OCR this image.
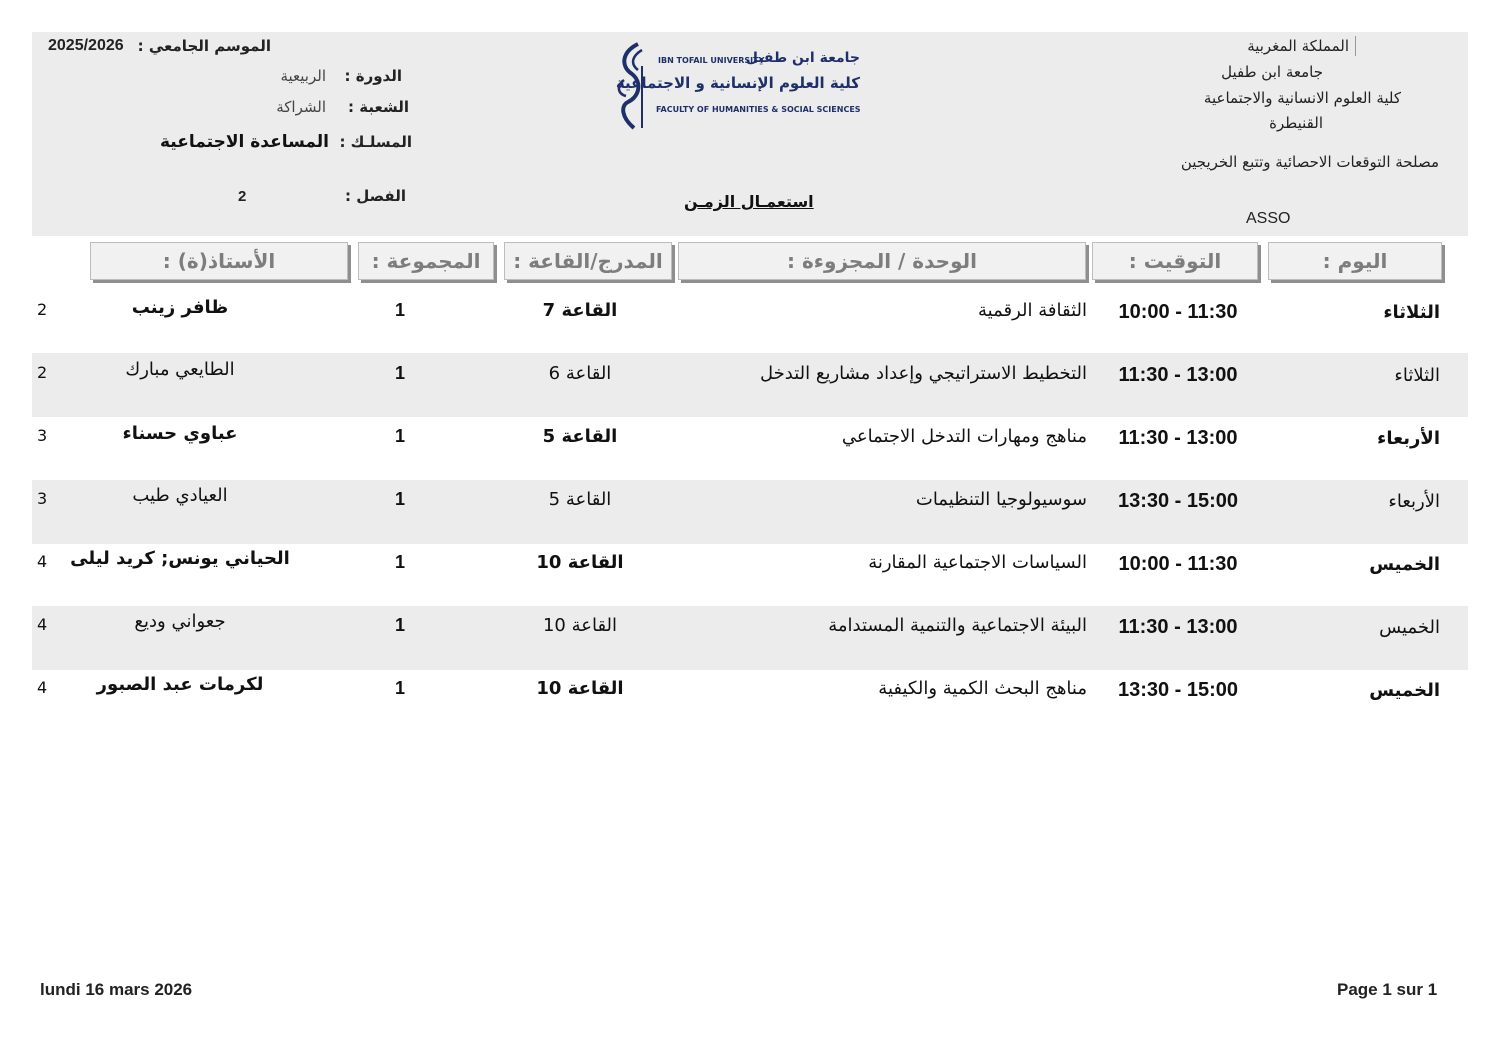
المملكة المغربية
جامعة ابن طفيل
كلية العلوم الانسانية والاجتماعية
القنيطرة
مصلحة التوقعات الاحصائية وتتبع الخريجين
ASSO
IBN TOFAIL UNIVERSITY
جامعة ابن طفيل
كلية العلوم الإنسانية و الاجتماعية
FACULTY OF HUMANITIES & SOCIAL SCIENCES
استعمـال الزمـن
الموسم الجامعي :
2025/2026
الدورة :
الربيعية
الشعبة :
الشراكة
المسلـك :
المساعدة الاجتماعية
الفصل :
2
اليوم :
التوقيت :
الوحدة / المجزوءة :
المدرج/القاعة :
المجموعة :
الأستاذ(ة) :
الثلاثاء
10:00 - 11:30
الثقافة الرقمية
القاعة 7
1
ظافر زينب
2
الثلاثاء
11:30 - 13:00
التخطيط الاستراتيجي وإعداد مشاريع التدخل
القاعة 6
1
الطايعي مبارك
2
الأربعاء
11:30 - 13:00
مناهج ومهارات التدخل الاجتماعي
القاعة 5
1
عباوي حسناء
3
الأربعاء
13:30 - 15:00
سوسيولوجيا التنظيمات
القاعة 5
1
العيادي طيب
3
الخميس
10:00 - 11:30
السياسات الاجتماعية المقارنة
القاعة 10
1
الحياني يونس; كريد ليلى
4
الخميس
11:30 - 13:00
البيئة الاجتماعية والتنمية المستدامة
القاعة 10
1
جعواني وديع
4
الخميس
13:30 - 15:00
مناهج البحث الكمية والكيفية
القاعة 10
1
لكرمات عبد الصبور
4
lundi 16 mars 2026	Page 1 sur 1
